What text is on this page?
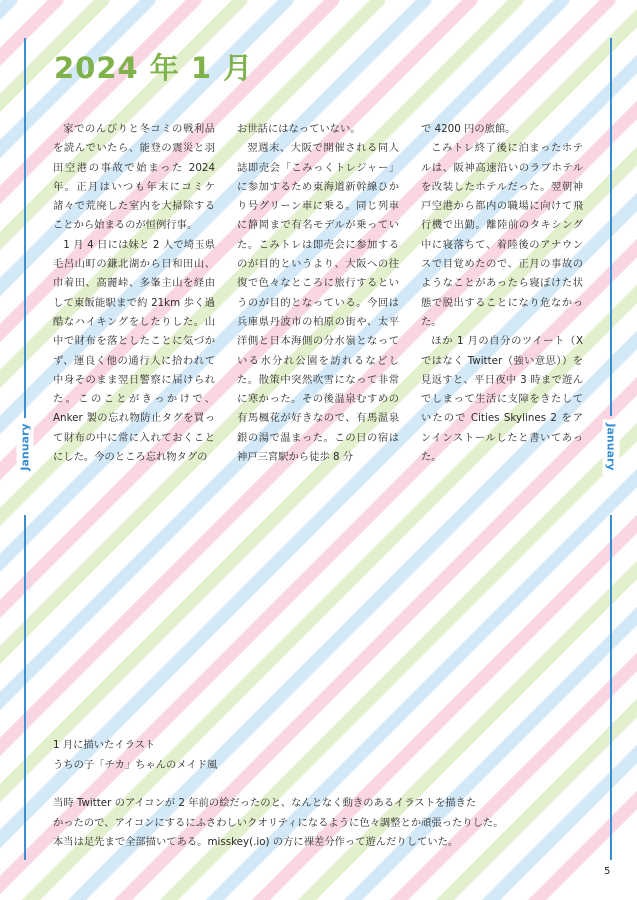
2024 年 1 月

家でのんびりと冬コミの戦利品を読んでいたら、能登の震災と羽田空港の事故で始まった 2024 年。正月はいつも年末にコミケ諸々で荒廃した室内を大掃除することから始まるのが恒例行事。

1 月 4 日には妹と 2 人で埼玉県毛呂山町の鎌北湖から日和田山、巾着田、高麗峠、多峯主山を経由して東飯能駅まで約 21km 歩く過酷なハイキングをしたりした。山中で財布を落としたことに気づかず、運良く他の通行人に拾われて中身そのまま翌日警察に届けられた。このことがきっかけで、Anker 製の忘れ物防止タグを買って財布の中に常に入れておくことにした。今のところ忘れ物タグの

お世話にはなっていない。

翌週末、大阪で開催される同人誌即売会「こみっくトレジャー」に参加するため東海道新幹線ひかり号グリーン車に乗る。同じ列車に静岡まで有名モデルが乗っていた。こみトレは即売会に参加するのが目的というより、大阪への往復で色々なところに旅行するというのが目的となっている。今回は兵庫県丹波市の柏原の街や、太平洋側と日本海側の分水嶺となっている水分れ公園を訪れるなどした。散策中突然吹雪になって非常に寒かった。その後温泉むすめの有馬楓花が好きなので、有馬温泉銀の湯で温まった。この日の宿は神戸三宮駅から徒歩 8 分

で 4200 円の旅館。

こみトレ終了後に泊まったホテルは、阪神高速沿いのラブホテルを改装したホテルだった。翌朝神戸空港から都内の職場に向けて飛行機で出勤。離陸前のタキシング中に寝落ちて、着陸後のアナウンスで目覚めたので、正月の事故のようなことがあったら寝ぼけた状態で脱出することになり危なかった。

ほか 1 月の自分のツイート（X ではなく Twitter（強い意思））を見返すと、平日夜中 3 時まで遊んでしまって生活に支障をきたしていたので Cities Skylines 2 をアンインストールしたと書いてあった。

January	January
1 月に描いたイラスト
うちの子「チカ」ちゃんのメイド風
当時 Twitter のアイコンが 2 年前の絵だったのと、なんとなく動きのあるイラストを描きた
かったので、アイコンにするにふさわしいクオリティになるように色々調整とか頑張ったりした。
本当は足先まで全部描いてある。misskey(.io) の方に裸差分作って遊んだりしていた。
5
